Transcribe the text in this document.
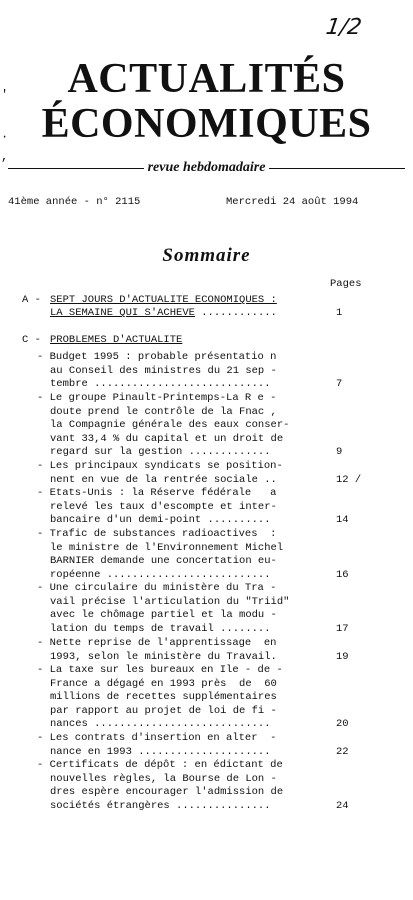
1/2
'
·
,
ACTUALITÉS
ÉCONOMIQUES
revue hebdomadaire
41ème année - n° 2115	Mercredi 24 août 1994
Sommaire
Pages
A - SEPT JOURS D'ACTUALITE ECONOMIQUES :
LA SEMAINE QUI S'ACHEVE ............	1
C - PROBLEMES D'ACTUALITE
- Budget 1995 : probable présentatio n
au Conseil des ministres du 21 sep -
tembre ............................	7
- Le groupe Pinault-Printemps-La R e -
doute prend le contrôle de la Fnac ,
la Compagnie générale des eaux conser-
vant 33,4 % du capital et un droit de
regard sur la gestion .............	9
- Les principaux syndicats se position-
nent en vue de la rentrée sociale ..	12 /
- Etats-Unis : la Réserve fédérale   a
relevé les taux d'escompte et inter-
bancaire d'un demi-point ..........	14
- Trafic de substances radioactives  :
le ministre de l'Environnement Michel
BARNIER demande une concertation eu-
ropéenne ..........................	16
- Une circulaire du ministère du Tra -
vail précise l'articulation du "Triid"
avec le chômage partiel et la modu -
lation du temps de travail ........	17
- Nette reprise de l'apprentissage  en
1993, selon le ministère du Travail.	19
- La taxe sur les bureaux en Ile - de -
France a dégagé en 1993 près  de  60
millions de recettes supplémentaires
par rapport au projet de loi de fi -
nances ............................	20
- Les contrats d'insertion en alter  -
nance en 1993 .....................	22
- Certificats de dépôt : en édictant de
nouvelles règles, la Bourse de Lon -
dres espère encourager l'admission de
sociétés étrangères ...............	24
